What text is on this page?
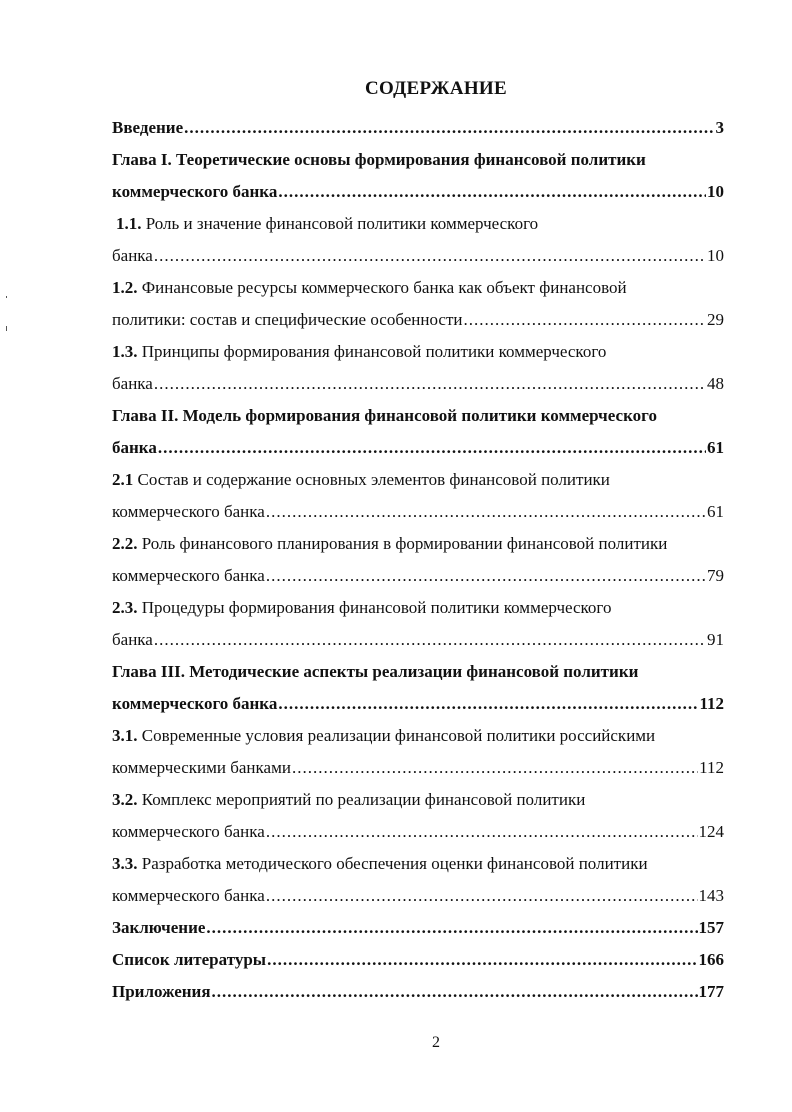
СОДЕРЖАНИЕ
Введение .....	3
Глава I. Теоретические основы формирования финансовой политики
коммерческого банка .....	10
1.1. Роль и значение финансовой политики коммерческого
банка .....	10
1.2. Финансовые ресурсы коммерческого банка как объект финансовой
политики: состав и специфические особенности .....	29
1.3. Принципы формирования финансовой политики коммерческого
банка .....	48
Глава II. Модель формирования финансовой политики коммерческого
банка .....	61
2.1 Состав и содержание основных элементов финансовой политики
коммерческого банка .....	61
2.2. Роль финансового планирования в формировании финансовой политики
коммерческого банка .....	79
2.3. Процедуры формирования финансовой политики коммерческого
банка .....	91
Глава III. Методические аспекты реализации финансовой политики
коммерческого банка .....	112
3.1. Современные условия реализации финансовой политики российскими
коммерческими банками .....	112
3.2. Комплекс мероприятий по реализации финансовой политики
коммерческого банка .....	124
3.3. Разработка методического обеспечения оценки финансовой политики
коммерческого банка .....	143
Заключение .....	157
Список литературы .....	166
Приложения .....	177
2
